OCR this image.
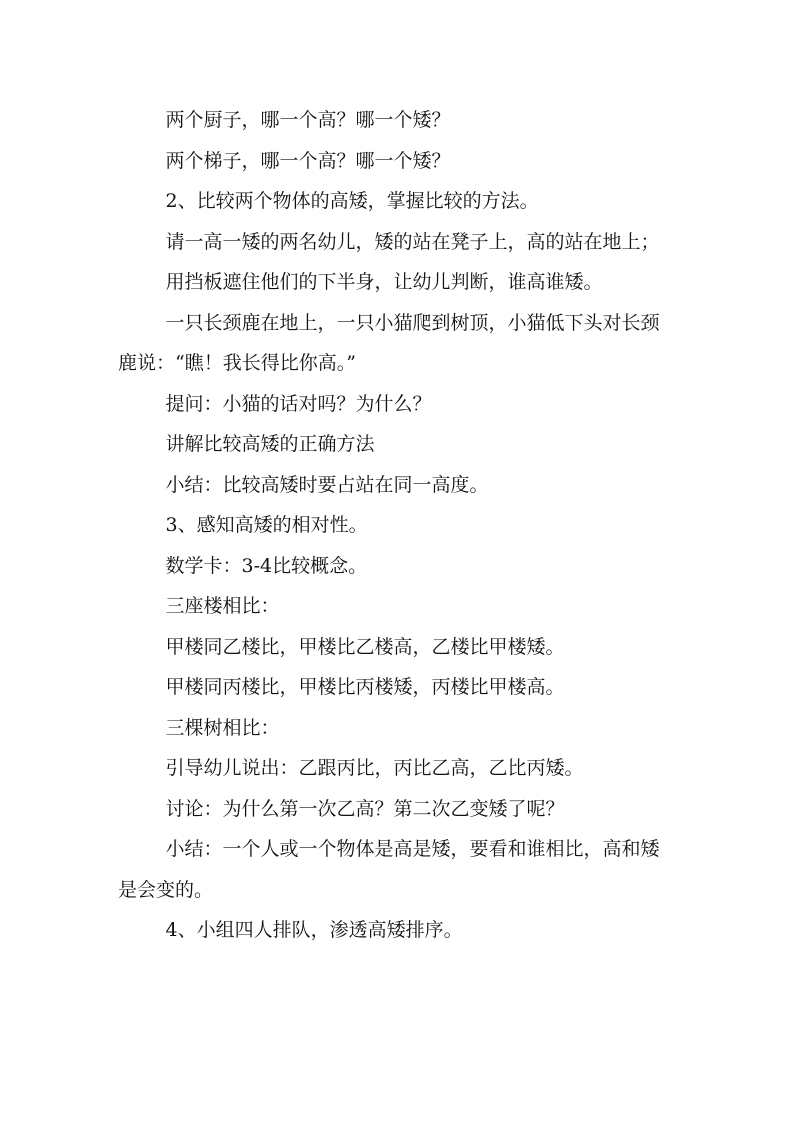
两个厨子，哪一个高？哪一个矮？

两个梯子，哪一个高？哪一个矮？

2、比较两个物体的高矮，掌握比较的方法。

请一高一矮的两名幼儿，矮的站在凳子上，高的站在地上；

用挡板遮住他们的下半身，让幼儿判断，谁高谁矮。

一只长颈鹿在地上，一只小猫爬到树顶，小猫低下头对长颈鹿说：“瞧！我长得比你高。”

提问：小猫的话对吗？为什么？

讲解比较高矮的正确方法

小结：比较高矮时要占站在同一高度。

3、感知高矮的相对性。

数学卡：3-4比较概念。

三座楼相比：

甲楼同乙楼比，甲楼比乙楼高，乙楼比甲楼矮。

甲楼同丙楼比，甲楼比丙楼矮，丙楼比甲楼高。

三棵树相比：

引导幼儿说出：乙跟丙比，丙比乙高，乙比丙矮。

讨论：为什么第一次乙高？第二次乙变矮了呢？

小结：一个人或一个物体是高是矮，要看和谁相比，高和矮是会变的。

4、小组四人排队，渗透高矮排序。
